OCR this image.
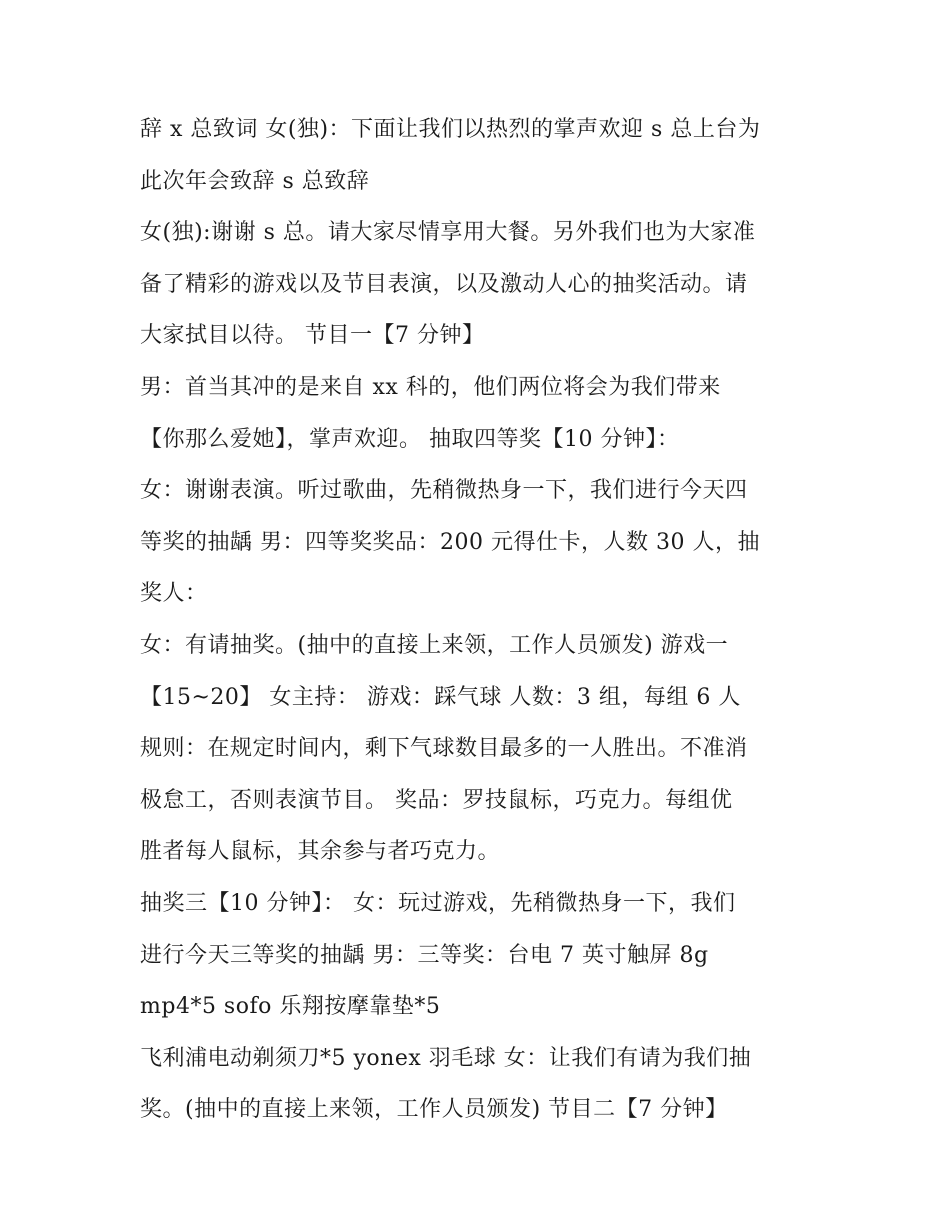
辞 x 总致词 女(独)：下面让我们以热烈的掌声欢迎 s 总上台为
此次年会致辞 s 总致辞
女(独):谢谢 s 总。请大家尽情享用大餐。另外我们也为大家准
备了精彩的游戏以及节目表演，以及激动人心的抽奖活动。请
大家拭目以待。 节目一【7 分钟】
男：首当其冲的是来自 xx 科的，他们两位将会为我们带来
【你那么爱她】，掌声欢迎。 抽取四等奖【10 分钟】：
女：谢谢表演。听过歌曲，先稍微热身一下，我们进行今天四
等奖的抽龋 男：四等奖奖品：200 元得仕卡，人数 30 人，抽
奖人：
女：有请抽奖。(抽中的直接上来领，工作人员颁发) 游戏一
【15~20】 女主持： 游戏：踩气球 人数：3 组，每组 6 人
规则：在规定时间内，剩下气球数目最多的一人胜出。不准消
极怠工，否则表演节目。 奖品：罗技鼠标，巧克力。每组优
胜者每人鼠标，其余参与者巧克力。
抽奖三【10 分钟】： 女：玩过游戏，先稍微热身一下，我们
进行今天三等奖的抽龋 男：三等奖：台电 7 英寸触屏 8g
mp4*5 sofo 乐翔按摩靠垫*5
飞利浦电动剃须刀*5 yonex 羽毛球 女：让我们有请为我们抽
奖。(抽中的直接上来领，工作人员颁发) 节目二【7 分钟】
